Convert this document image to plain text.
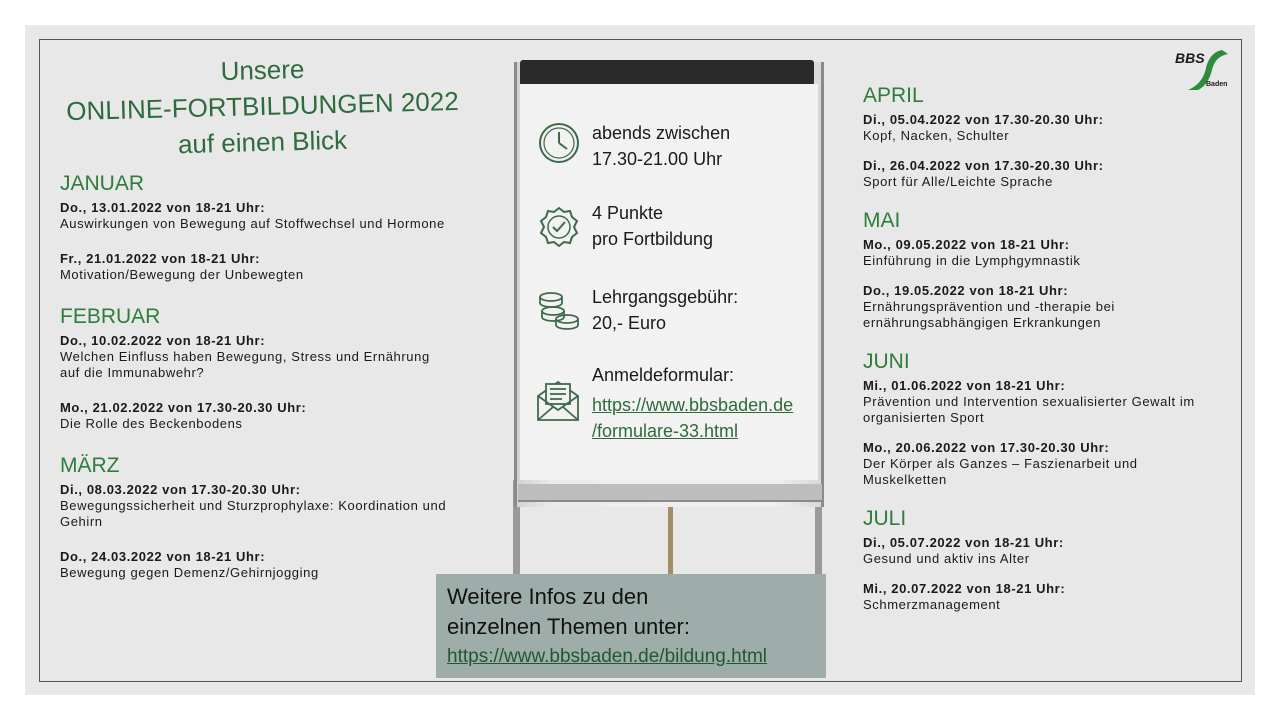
Unsere
ONLINE-FORTBILDUNGEN 2022
auf einen Blick
JANUAR
Do., 13.01.2022 von 18-21 Uhr:
Auswirkungen von Bewegung auf Stoffwechsel und Hormone
Fr., 21.01.2022 von 18-21 Uhr:
Motivation/Bewegung der Unbewegten
FEBRUAR
Do., 10.02.2022 von 18-21 Uhr:
Welchen Einfluss haben Bewegung, Stress und Ernährung auf die Immunabwehr?
Mo., 21.02.2022 von 17.30-20.30 Uhr:
Die Rolle des Beckenbodens
MÄRZ
Di., 08.03.2022 von 17.30-20.30 Uhr:
Bewegungssicherheit und Sturzprophylaxe: Koordination und Gehirn
Do., 24.03.2022 von 18-21 Uhr:
Bewegung gegen Demenz/Gehirnjogging
abends zwischen
17.30-21.00 Uhr
4 Punkte
pro Fortbildung
Lehrgangsgebühr:
20,- Euro
Anmeldeformular:
https://www.bbsbaden.de
/formulare-33.html
Weitere Infos zu den
einzelnen Themen unter:
https://www.bbsbaden.de/bildung.html
APRIL
Di., 05.04.2022 von 17.30-20.30 Uhr:
Kopf, Nacken, Schulter
Di., 26.04.2022 von 17.30-20.30 Uhr:
Sport für Alle/Leichte Sprache
MAI
Mo., 09.05.2022 von 18-21 Uhr:
Einführung in die Lymphgymnastik
Do., 19.05.2022 von 18-21 Uhr:
Ernährungsprävention und -therapie bei ernährungsabhängigen Erkrankungen
JUNI
Mi., 01.06.2022 von 18-21 Uhr:
Prävention und Intervention sexualisierter Gewalt im organisierten Sport
Mo., 20.06.2022 von 17.30-20.30 Uhr:
Der Körper als Ganzes – Faszienarbeit und Muskelketten
JULI
Di., 05.07.2022 von 18-21 Uhr:
Gesund und aktiv ins Alter
Mi., 20.07.2022 von 18-21 Uhr:
Schmerzmanagement
BBS
Baden
